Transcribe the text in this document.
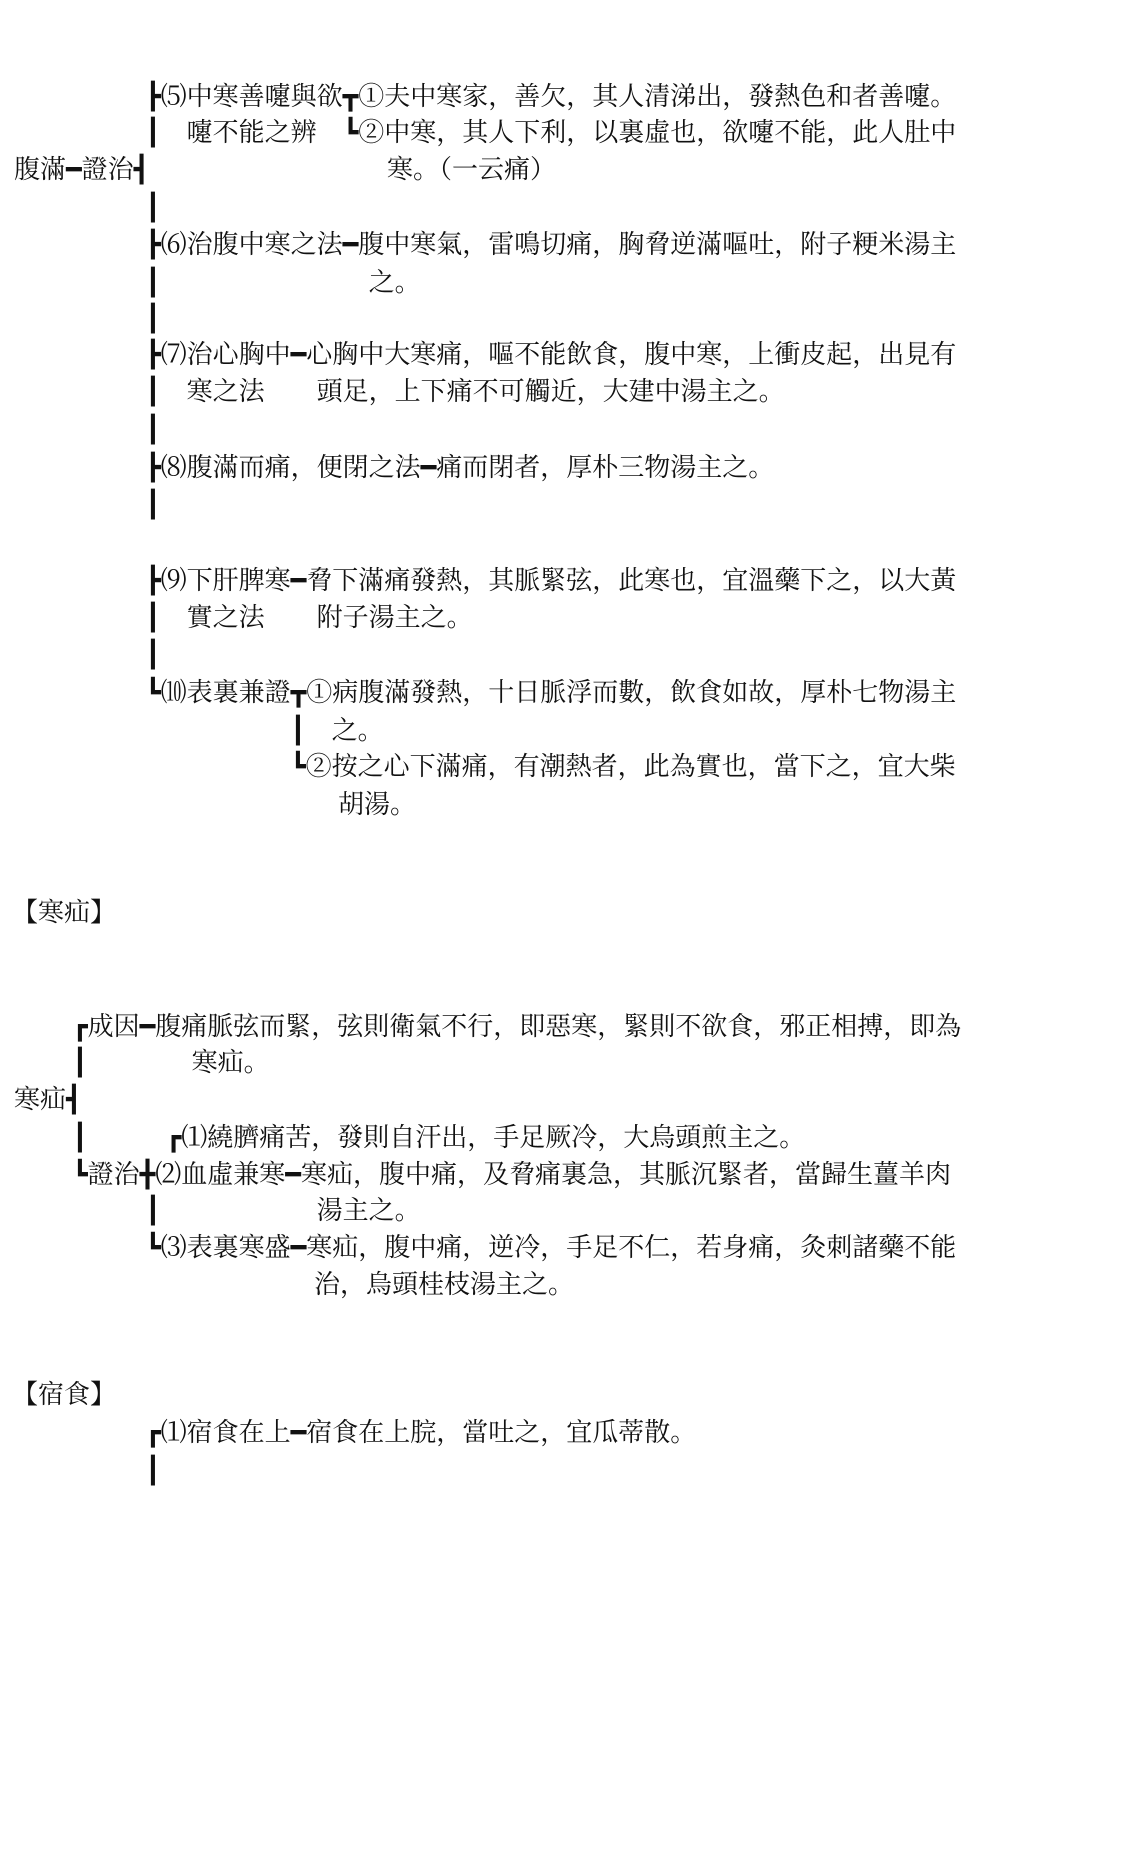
┣⑸中寒善嚔與欲┳①夫中寒家，善欠，其人清涕出，發熱色和者善嚔。
┃　嚔不能之辨　┗②中寒，其人下利，以裏虛也，欲嚔不能，此人肚中
腹滿━證治┫	寒。（一云痛）
┃
┣⑹治腹中寒之法━腹中寒氣，雷鳴切痛，胸脅逆滿嘔吐，附子粳米湯主
┃　　　　　　　　之。
┃
┣⑺治心胸中━心胸中大寒痛，嘔不能飲食，腹中寒，上衝皮起，出見有
┃　寒之法　　頭足，上下痛不可觸近，大建中湯主之。
┃
┣⑻腹滿而痛，便閉之法━痛而閉者，厚朴三物湯主之。
┃
┣⑼下肝脾寒━脅下滿痛發熱，其脈緊弦，此寒也，宜溫藥下之，以大黃
┃　實之法　　附子湯主之。
┃
┗⑽表裏兼證┳①病腹滿發熱，十日脈浮而數，飲食如故，厚朴七物湯主
┃　之。
┗②按之心下滿痛，有潮熱者，此為實也，當下之，宜大柴
胡湯。
【寒疝】
┏成因━腹痛脈弦而緊，弦則衛氣不行，即惡寒，緊則不欲食，邪正相搏，即為
┃　　　　寒疝。
寒疝┫
┃　　　┏⑴繞臍痛苦，發則自汗出，手足厥冷，大烏頭煎主之。
┗證治╋⑵血虛兼寒━寒疝，腹中痛，及脅痛裏急，其脈沉緊者，當歸生薑羊肉
┃　　　　　　湯主之。
┗⑶表裏寒盛━寒疝，腹中痛，逆冷，手足不仁，若身痛，灸刺諸藥不能
治，烏頭桂枝湯主之。
【宿食】
┏⑴宿食在上━宿食在上脘，當吐之，宜瓜蒂散。
┃
